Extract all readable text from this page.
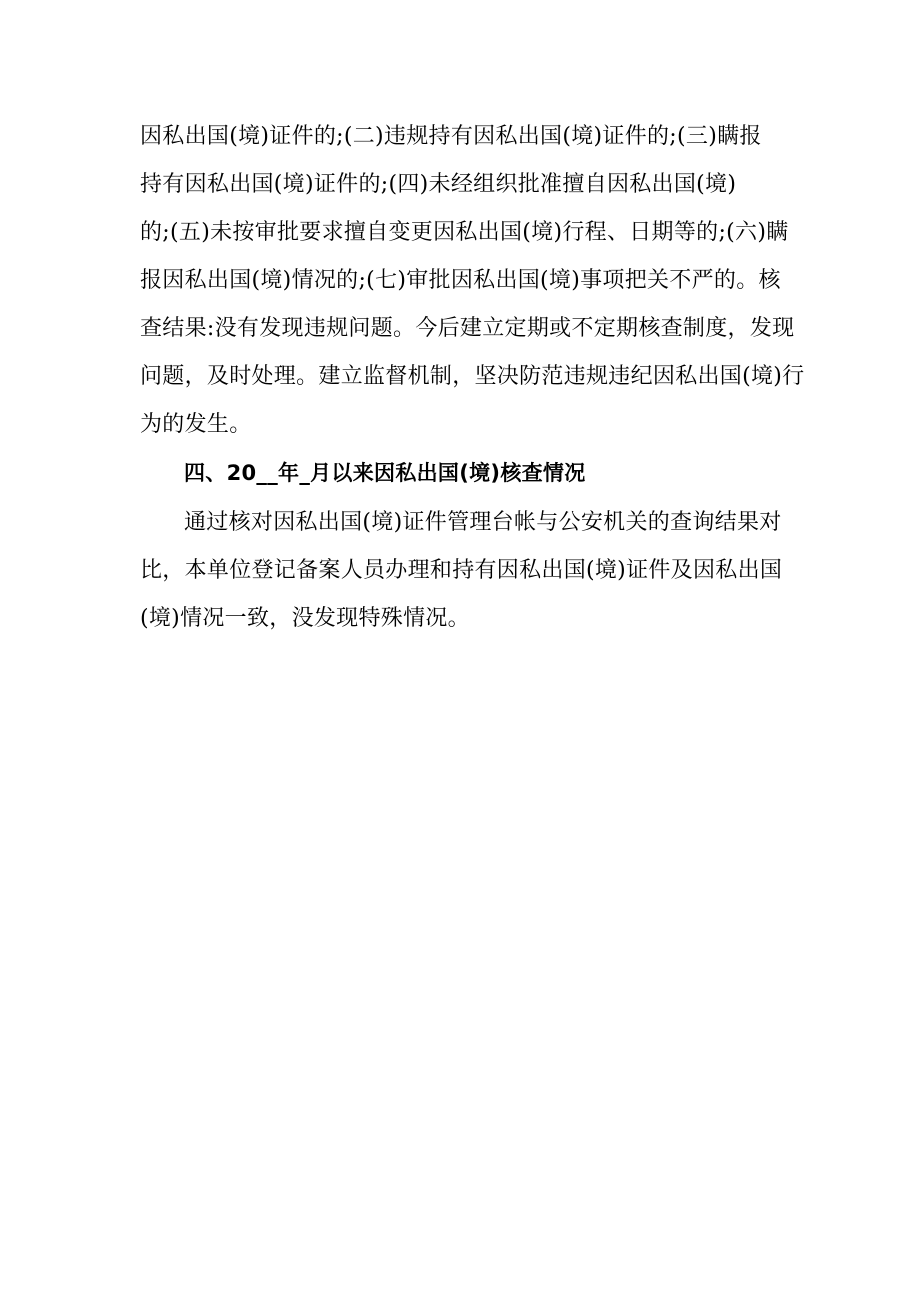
因私出国(境)证件的;(二)违规持有因私出国(境)证件的;(三)瞒报
持有因私出国(境)证件的;(四)未经组织批准擅自因私出国(境)
的;(五)未按审批要求擅自变更因私出国(境)行程、日期等的;(六)瞒
报因私出国(境)情况的;(七)审批因私出国(境)事项把关不严的。核
查结果:没有发现违规问题。今后建立定期或不定期核查制度，发现
问题，及时处理。建立监督机制，坚决防范违规违纪因私出国(境)行
为的发生。
四、20__年_月以来因私出国(境)核查情况
通过核对因私出国(境)证件管理台帐与公安机关的查询结果对
比，本单位登记备案人员办理和持有因私出国(境)证件及因私出国
(境)情况一致，没发现特殊情况。
